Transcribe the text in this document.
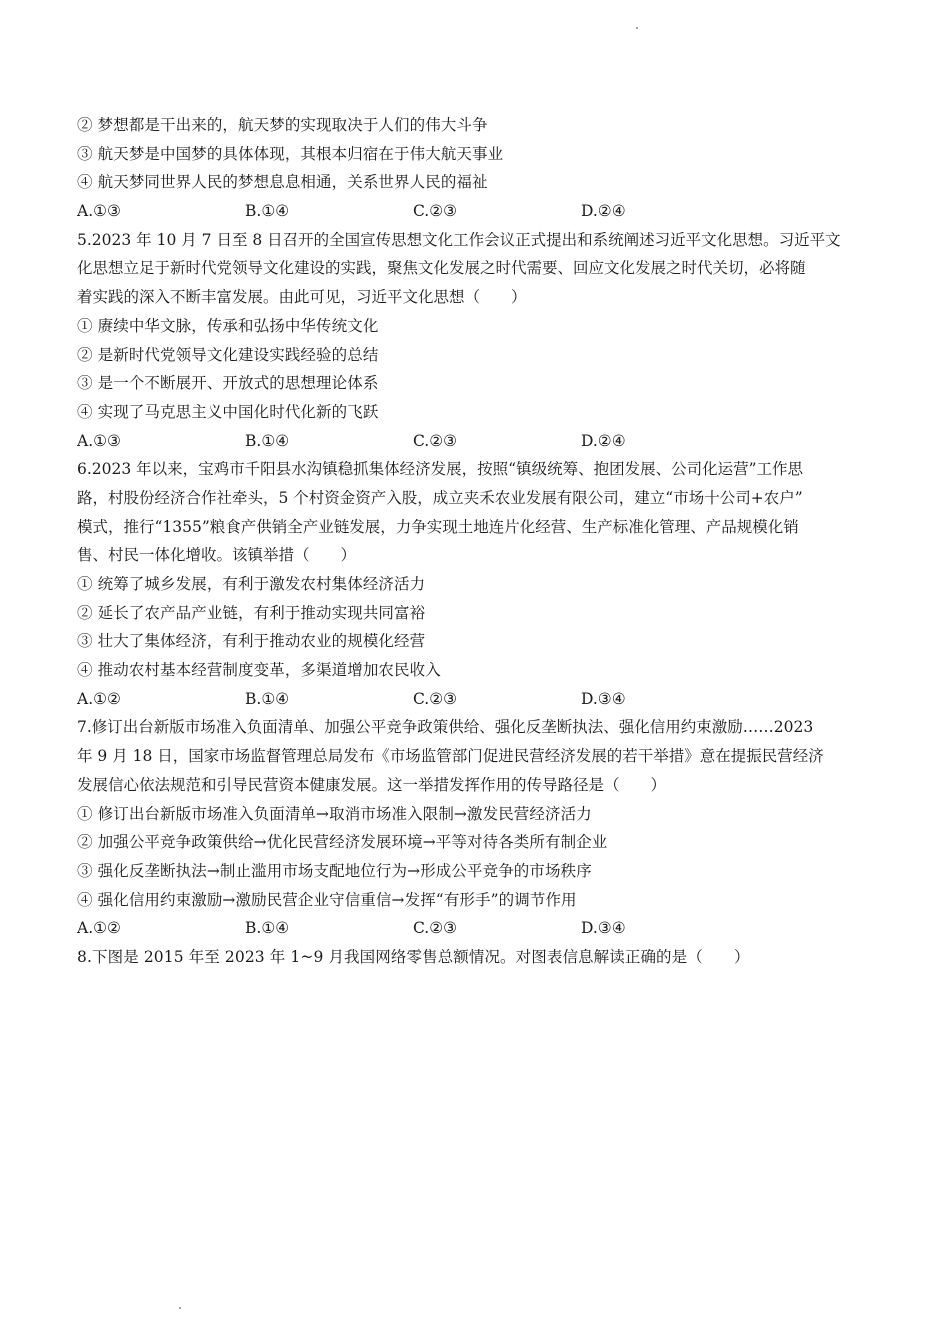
② 梦想都是干出来的，航天梦的实现取决于人们的伟大斗争
③ 航天梦是中国梦的具体体现，其根本归宿在于伟大航天事业
④ 航天梦同世界人民的梦想息息相通，关系世界人民的福祉
A.①③	B.①④	C.②③	D.②④
5.2023 年 10 月 7 日至 8 日召开的全国宣传思想文化工作会议正式提出和系统阐述习近平文化思想。习近平文
化思想立足于新时代党领导文化建设的实践，聚焦文化发展之时代需要、回应文化发展之时代关切，必将随
着实践的深入不断丰富发展。由此可见，习近平文化思想（　　）
① 赓续中华文脉，传承和弘扬中华传统文化
② 是新时代党领导文化建设实践经验的总结
③ 是一个不断展开、开放式的思想理论体系
④ 实现了马克思主义中国化时代化新的飞跃
A.①③	B.①④	C.②③	D.②④
6.2023 年以来，宝鸡市千阳县水沟镇稳抓集体经济发展，按照“镇级统筹、抱团发展、公司化运营”工作思
路，村股份经济合作社牵头，5 个村资金资产入股，成立夹禾农业发展有限公司，建立“市场十公司+农户”
模式，推行“1355”粮食产供销全产业链发展，力争实现土地连片化经营、生产标准化管理、产品规模化销
售、村民一体化增收。该镇举措（　　）
① 统筹了城乡发展，有利于激发农村集体经济活力
② 延长了农产品产业链，有利于推动实现共同富裕
③ 壮大了集体经济，有利于推动农业的规模化经营
④ 推动农村基本经营制度变革，多渠道增加农民收入
A.①②	B.①④	C.②③	D.③④
7.修订出台新版市场准入负面清单、加强公平竞争政策供给、强化反垄断执法、强化信用约束激励……2023
年 9 月 18 日，国家市场监督管理总局发布《市场监管部门促进民营经济发展的若干举措》意在提振民营经济
发展信心依法规范和引导民营资本健康发展。这一举措发挥作用的传导路径是（　　）
① 修订出台新版市场准入负面清单→取消市场准入限制→激发民营经济活力
② 加强公平竞争政策供给→优化民营经济发展环境→平等对待各类所有制企业
③ 强化反垄断执法→制止滥用市场支配地位行为→形成公平竞争的市场秩序
④ 强化信用约束激励→激励民营企业守信重信→发挥“有形手”的调节作用
A.①②	B.①④	C.②③	D.③④
8.下图是 2015 年至 2023 年 1~9 月我国网络零售总额情况。对图表信息解读正确的是（　　）
